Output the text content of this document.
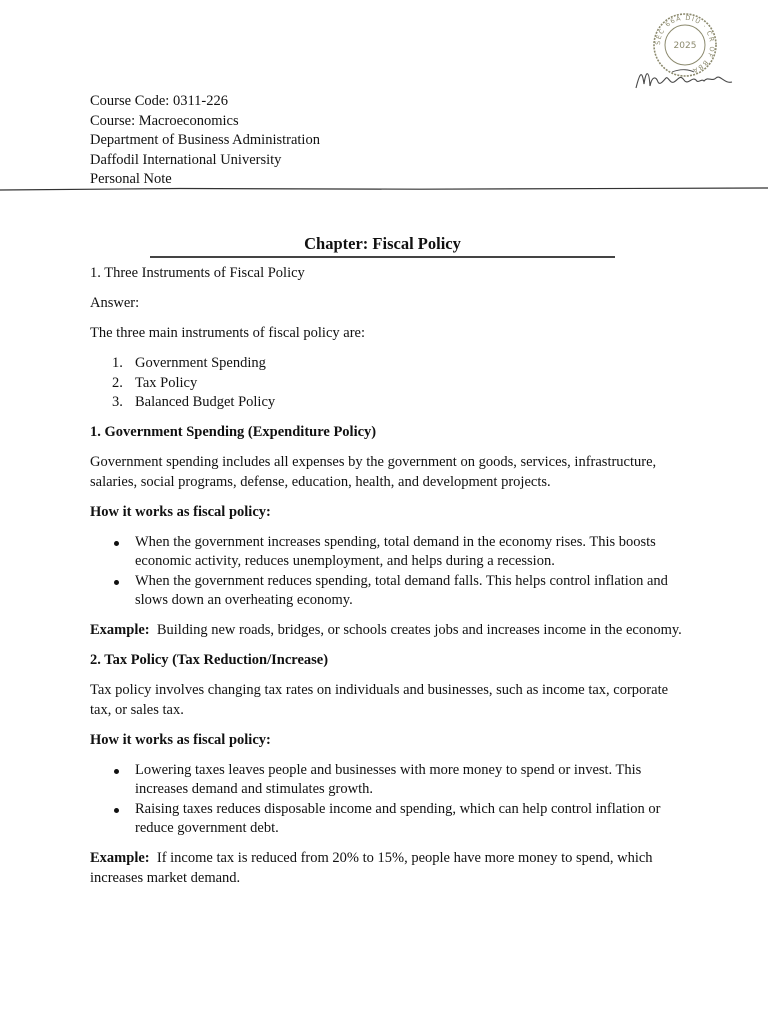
SEC 66A DIU · CR OF BBA
2025
Course Code: 0311-226
Course: Macroeconomics
Department of Business Administration
Daffodil International University
Personal Note
Chapter: Fiscal Policy

1. Three Instruments of Fiscal Policy

Answer:

The three main instruments of fiscal policy are:

1. Government Spending
2. Tax Policy
3. Balanced Budget Policy

1. Government Spending (Expenditure Policy)

Government spending includes all expenses by the government on goods, services, infrastructure, salaries, social programs, defense, education, health, and development projects.

How it works as fiscal policy:

When the government increases spending, total demand in the economy rises. This boosts economic activity, reduces unemployment, and helps during a recession.
When the government reduces spending, total demand falls. This helps control inflation and slows down an overheating economy.

Example: Building new roads, bridges, or schools creates jobs and increases income in the economy.

2. Tax Policy (Tax Reduction/Increase)

Tax policy involves changing tax rates on individuals and businesses, such as income tax, corporate tax, or sales tax.

How it works as fiscal policy:

Lowering taxes leaves people and businesses with more money to spend or invest. This increases demand and stimulates growth.
Raising taxes reduces disposable income and spending, which can help control inflation or reduce government debt.

Example: If income tax is reduced from 20% to 15%, people have more money to spend, which increases market demand.
